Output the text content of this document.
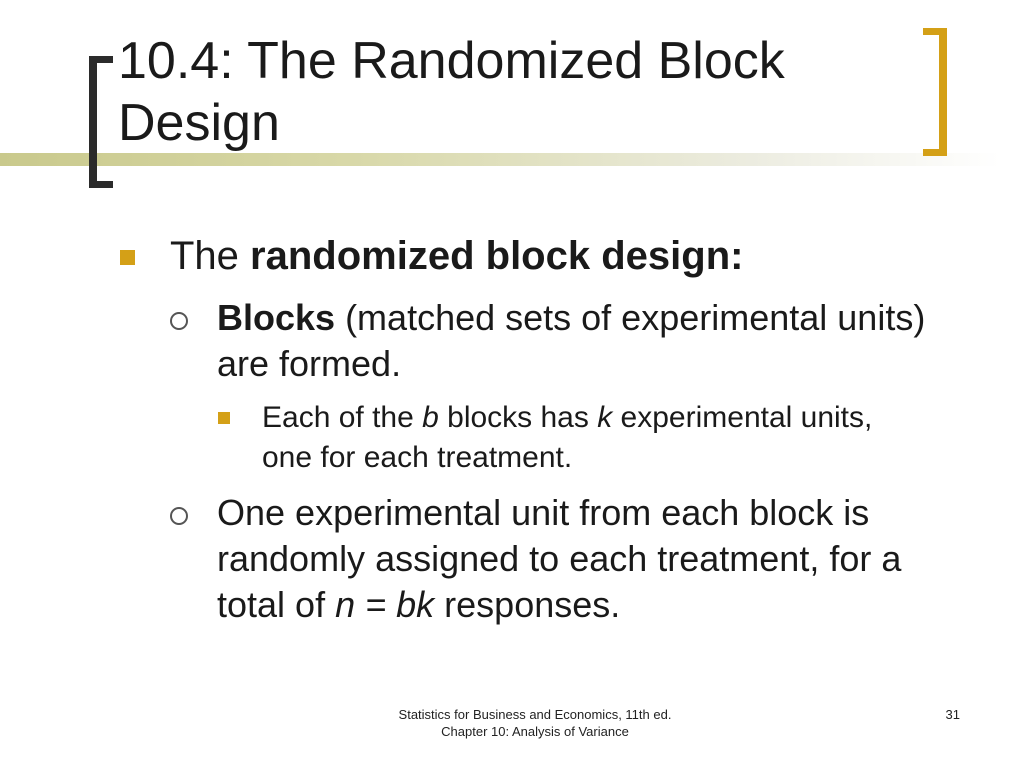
10.4: The Randomized Block Design
The randomized block design:
Blocks (matched sets of experimental units) are formed.
Each of the b blocks has k experimental units, one for each treatment.
One experimental unit from each block is randomly assigned to each treatment, for a total of n = bk responses.
Statistics for Business and Economics, 11th ed.
Chapter 10: Analysis of Variance
31
